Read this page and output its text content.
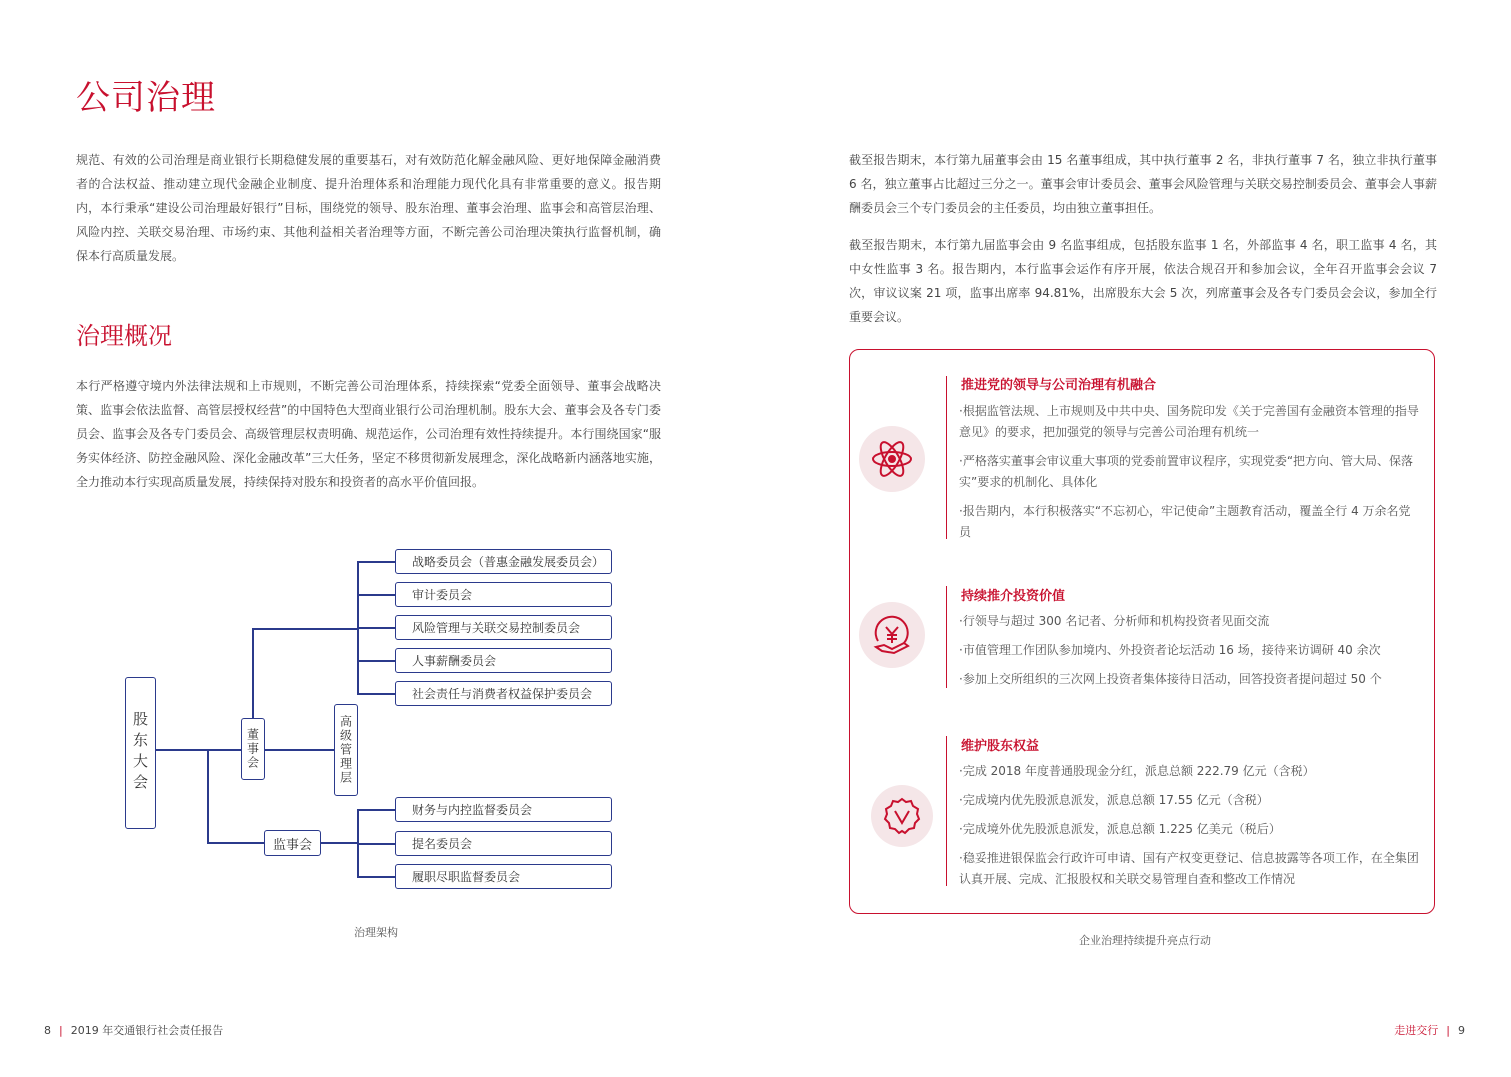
公司治理

规范、有效的公司治理是商业银行长期稳健发展的重要基石，对有效防范化解金融风险、更好地保障金融消费者的合法权益、推动建立现代金融企业制度、提升治理体系和治理能力现代化具有非常重要的意义。报告期内，本行秉承“建设公司治理最好银行”目标，围绕党的领导、股东治理、董事会治理、监事会和高管层治理、风险内控、关联交易治理、市场约束、其他利益相关者治理等方面，不断完善公司治理决策执行监督机制，确保本行高质量发展。

治理概况

本行严格遵守境内外法律法规和上市规则，不断完善公司治理体系，持续探索“党委全面领导、董事会战略决策、监事会依法监督、高管层授权经营”的中国特色大型商业银行公司治理机制。股东大会、董事会及各专门委员会、监事会及各专门委员会、高级管理层权责明确、规范运作，公司治理有效性持续提升。本行围绕国家“服务实体经济、防控金融风险、深化金融改革”三大任务，坚定不移贯彻新发展理念，深化战略新内涵落地实施，全力推动本行实现高质量发展，持续保持对股东和投资者的高水平价值回报。

股东大会	董事会	高级管理层
监事会
战略委员会（普惠金融发展委员会）
审计委员会
风险管理与关联交易控制委员会
人事薪酬委员会
社会责任与消费者权益保护委员会
财务与内控监督委员会
提名委员会
履职尽职监督委员会
治理架构

截至报告期末，本行第九届董事会由 15 名董事组成，其中执行董事 2 名，非执行董事 7 名，独立非执行董事 6 名，独立董事占比超过三分之一。董事会审计委员会、董事会风险管理与关联交易控制委员会、董事会人事薪酬委员会三个专门委员会的主任委员，均由独立董事担任。

截至报告期末，本行第九届监事会由 9 名监事组成，包括股东监事 1 名，外部监事 4 名，职工监事 4 名，其中女性监事 3 名。报告期内，本行监事会运作有序开展，依法合规召开和参加会议，全年召开监事会会议 7 次，审议议案 21 项，监事出席率 94.81%，出席股东大会 5 次，列席董事会及各专门委员会会议，参加全行重要会议。

推进党的领导与公司治理有机融合
·根据监管法规、上市规则及中共中央、国务院印发《关于完善国有金融资本管理的指导意见》的要求，把加强党的领导与完善公司治理有机统一
·严格落实董事会审议重大事项的党委前置审议程序，实现党委“把方向、管大局、保落实”要求的机制化、具体化
·报告期内，本行积极落实“不忘初心，牢记使命”主题教育活动，覆盖全行 4 万余名党员
持续推介投资价值
·行领导与超过 300 名记者、分析师和机构投资者见面交流
·市值管理工作团队参加境内、外投资者论坛活动 16 场，接待来访调研 40 余次
·参加上交所组织的三次网上投资者集体接待日活动，回答投资者提问超过 50 个
维护股东权益
·完成 2018 年度普通股现金分红，派息总额 222.79 亿元（含税）
·完成境内优先股派息派发，派息总额 17.55 亿元（含税）
·完成境外优先股派息派发，派息总额 1.225 亿美元（税后）
·稳妥推进银保监会行政许可申请、国有产权变更登记、信息披露等各项工作，在全集团认真开展、完成、汇报股权和关联交易管理自查和整改工作情况
企业治理持续提升亮点行动
8 | 2019 年交通银行社会责任报告	走进交行 | 9
